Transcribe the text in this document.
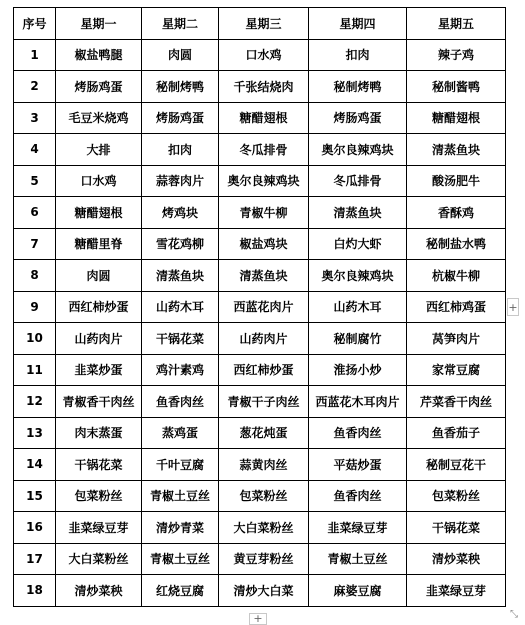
序号	星期一	星期二	星期三	星期四	星期五
1	椒盐鸭腿	肉圆	口水鸡	扣肉	辣子鸡
2	烤肠鸡蛋	秘制烤鸭	千张结烧肉	秘制烤鸭	秘制酱鸭
3	毛豆米烧鸡	烤肠鸡蛋	糖醋翅根	烤肠鸡蛋	糖醋翅根
4	大排	扣肉	冬瓜排骨	奥尔良辣鸡块	清蒸鱼块
5	口水鸡	蒜蓉肉片	奥尔良辣鸡块	冬瓜排骨	酸汤肥牛
6	糖醋翅根	烤鸡块	青椒牛柳	清蒸鱼块	香酥鸡
7	糖醋里脊	雪花鸡柳	椒盐鸡块	白灼大虾	秘制盐水鸭
8	肉圆	清蒸鱼块	清蒸鱼块	奥尔良辣鸡块	杭椒牛柳
9	西红柿炒蛋	山药木耳	西蓝花肉片	山药木耳	西红柿鸡蛋
10	山药肉片	干锅花菜	山药肉片	秘制腐竹	莴笋肉片
11	韭菜炒蛋	鸡汁素鸡	西红柿炒蛋	淮扬小炒	家常豆腐
12	青椒香干肉丝	鱼香肉丝	青椒干子肉丝	西蓝花木耳肉片	芹菜香干肉丝
13	肉末蒸蛋	蒸鸡蛋	葱花炖蛋	鱼香肉丝	鱼香茄子
14	干锅花菜	千叶豆腐	蒜黄肉丝	平菇炒蛋	秘制豆花干
15	包菜粉丝	青椒土豆丝	包菜粉丝	鱼香肉丝	包菜粉丝
16	韭菜绿豆芽	清炒青菜	大白菜粉丝	韭菜绿豆芽	干锅花菜
17	大白菜粉丝	青椒土豆丝	黄豆芽粉丝	青椒土豆丝	清炒菜秧
18	清炒菜秧	红烧豆腐	清炒大白菜	麻婆豆腐	韭菜绿豆芽
+
+	⤡
